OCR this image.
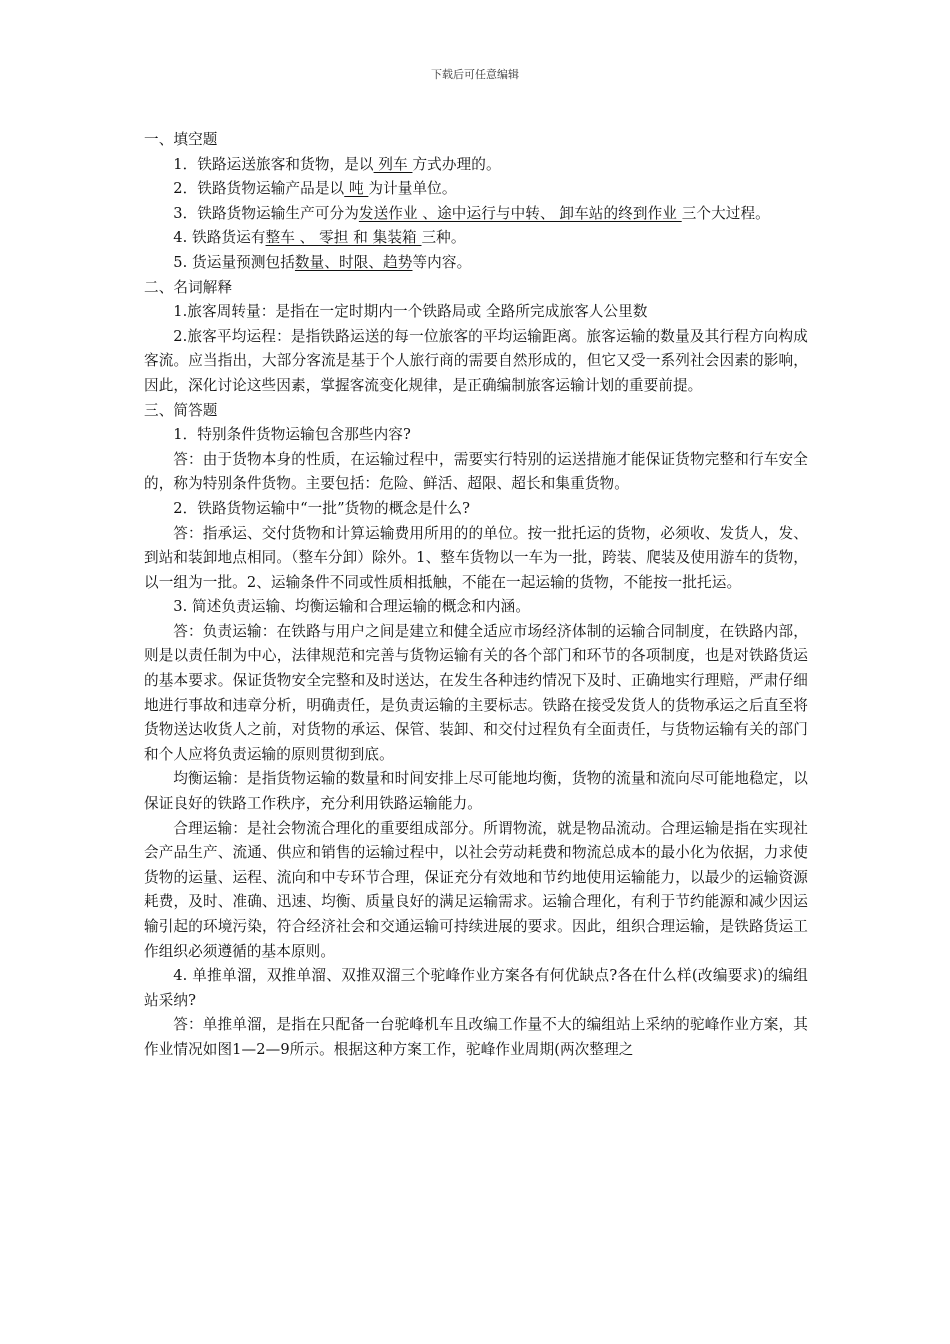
下载后可任意编辑

一、填空题

1．铁路运送旅客和货物，是以 列车 方式办理的。

2．铁路货物运输产品是以 吨 为计量单位。

3．铁路货物运输生产可分为发送作业 、途中运行与中转、 卸车站的终到作业 三个大过程。

4. 铁路货运有整车 、 零担 和 集装箱 三种。

5. 货运量预测包括数量、时限、趋势等内容。

二、名词解释

1.旅客周转量：是指在一定时期内一个铁路局或 全路所完成旅客人公里数

2.旅客平均运程：是指铁路运送的每一位旅客的平均运输距离。旅客运输的数量及其行程方向构成客流。应当指出，大部分客流是基于个人旅行商的需要自然形成的，但它又受一系列社会因素的影响，因此，深化讨论这些因素，掌握客流变化规律，是正确编制旅客运输计划的重要前提。

三、简答题

1．特别条件货物运输包含那些内容?

答：由于货物本身的性质，在运输过程中，需要实行特别的运送措施才能保证货物完整和行车安全的，称为特别条件货物。主要包括：危险、鲜活、超限、超长和集重货物。

2．铁路货物运输中“一批”货物的概念是什么?

答：指承运、交付货物和计算运输费用所用的的单位。按一批托运的货物，必须收、发货人，发、到站和装卸地点相同。（整车分卸）除外。1、整车货物以一车为一批，跨装、爬装及使用游车的货物，以一组为一批。2、运输条件不同或性质相抵触，不能在一起运输的货物，不能按一批托运。

3. 简述负责运输、均衡运输和合理运输的概念和内涵。

答：负责运输：在铁路与用户之间是建立和健全适应市场经济体制的运输合同制度，在铁路内部，则是以责任制为中心，法律规范和完善与货物运输有关的各个部门和环节的各项制度，也是对铁路货运的基本要求。保证货物安全完整和及时送达，在发生各种违约情况下及时、正确地实行理赔，严肃仔细地进行事故和违章分析，明确责任，是负责运输的主要标志。铁路在接受发货人的货物承运之后直至将货物送达收货人之前，对货物的承运、保管、装卸、和交付过程负有全面责任，与货物运输有关的部门和个人应将负责运输的原则贯彻到底。

均衡运输：是指货物运输的数量和时间安排上尽可能地均衡，货物的流量和流向尽可能地稳定，以保证良好的铁路工作秩序，充分利用铁路运输能力。

合理运输：是社会物流合理化的重要组成部分。所谓物流，就是物品流动。合理运输是指在实现社会产品生产、流通、供应和销售的运输过程中，以社会劳动耗费和物流总成本的最小化为依据，力求使货物的运量、运程、流向和中专环节合理，保证充分有效地和节约地使用运输能力，以最少的运输资源耗费，及时、准确、迅速、均衡、质量良好的满足运输需求。运输合理化，有利于节约能源和减少因运输引起的环境污染，符合经济社会和交通运输可持续进展的要求。因此，组织合理运输，是铁路货运工作组织必须遵循的基本原则。

4. 单推单溜，双推单溜、双推双溜三个驼峰作业方案各有何优缺点?各在什么样(改编要求)的编组站采纳?

答：单推单溜，是指在只配备一台驼峰机车且改编工作量不大的编组站上采纳的驼峰作业方案，其作业情况如图1—2—9所示。根据这种方案工作，驼峰作业周期(两次整理之
